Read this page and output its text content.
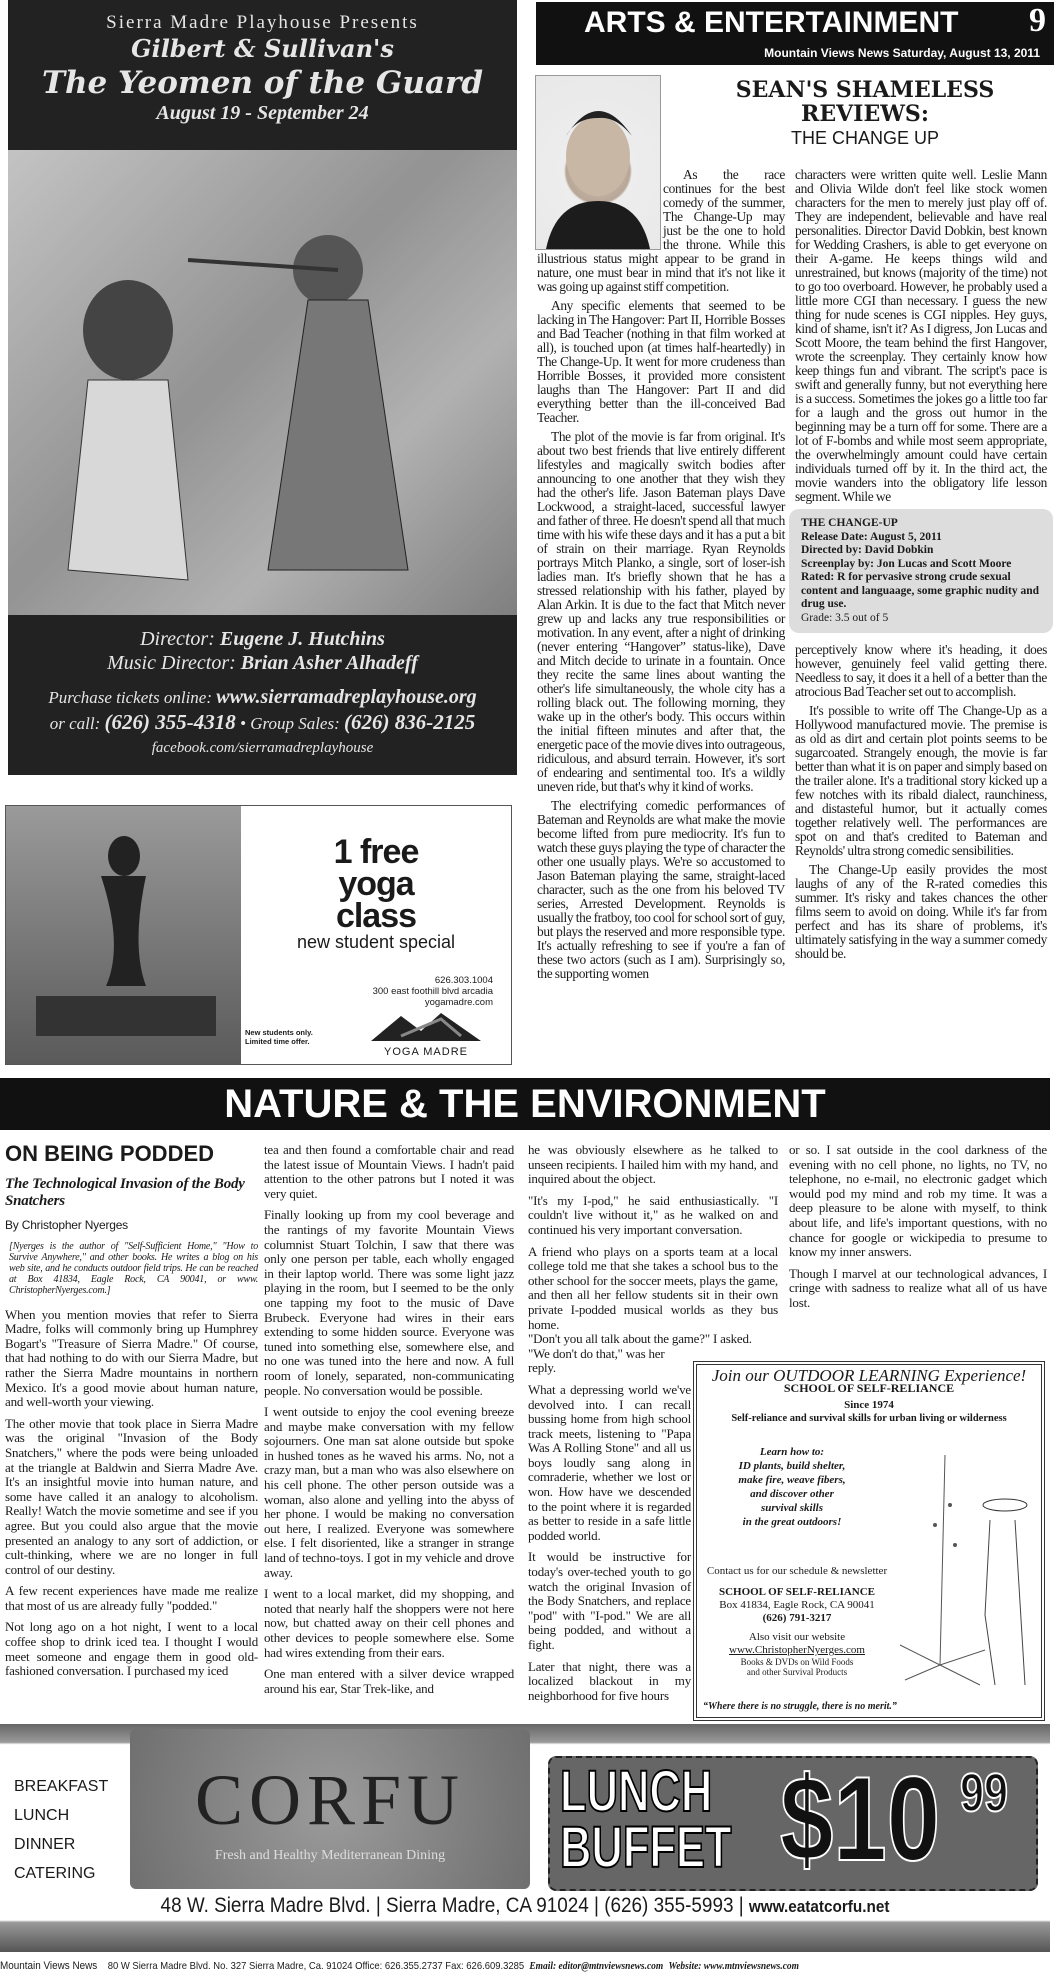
Sierra Madre Playhouse Presents
Gilbert & Sullivan's
The Yeomen of the Guard
August 19 - September 24
Director: Eugene J. Hutchins
Music Director: Brian Asher Alhadeff
Purchase tickets online: www.sierramadreplayhouse.org
or call: (626) 355-4318 • Group Sales: (626) 836-2125
facebook.com/sierramadreplayhouse
1 free
yoga
class
new student special
626.303.1004
300 east foothill blvd arcadia
yogamadre.com
New students only.
Limited time offer.
YOGA MADRE
ARTS & ENTERTAINMENT 9
Mountain Views News Saturday, August 13, 2011
SEAN'S SHAMELESS REVIEWS:
THE CHANGE UP

As the race continues for the best comedy of the summer, The Change-Up may just be the one to hold the throne. While this illustrious status might appear to be grand in nature, one must bear in mind that it's not like it was going up against stiff competition.

Any specific elements that seemed to be lacking in The Hangover: Part II, Horrible Bosses and Bad Teacher (nothing in that film worked at all), is touched upon (at times half-heartedly) in The Change-Up. It went for more crudeness than Horrible Bosses, it provided more consistent laughs than The Hangover: Part II and did everything better than the ill-conceived Bad Teacher.

The plot of the movie is far from original. It's about two best friends that live entirely different lifestyles and magically switch bodies after announcing to one another that they wish they had the other's life. Jason Bateman plays Dave Lockwood, a straight-laced, successful lawyer and father of three. He doesn't spend all that much time with his wife these days and it has a put a bit of strain on their marriage. Ryan Reynolds portrays Mitch Planko, a single, sort of loser-ish ladies man. It's briefly shown that he has a stressed relationship with his father, played by Alan Arkin. It is due to the fact that Mitch never grew up and lacks any true responsibilities or motivation. In any event, after a night of drinking (never entering “Hangover” status-like), Dave and Mitch decide to urinate in a fountain. Once they recite the same lines about wanting the other's life simultaneously, the whole city has a rolling black out. The following morning, they wake up in the other's body. This occurs within the initial fifteen minutes and after that, the energetic pace of the movie dives into outrageous, ridiculous, and absurd terrain. However, it's sort of endearing and sentimental too. It's a wildly uneven ride, but that's why it kind of works.

The electrifying comedic performances of Bateman and Reynolds are what make the movie become lifted from pure mediocrity. It's fun to watch these guys playing the type of character the other one usually plays. We're so accustomed to Jason Bateman playing the same, straight-laced character, such as the one from his beloved TV series, Arrested Development. Reynolds is usually the fratboy, too cool for school sort of guy, but plays the reserved and more responsible type. It's actually refreshing to see if you're a fan of these two actors (such as I am). Surprisingly so, the supporting women

characters were written quite well. Leslie Mann and Olivia Wilde don't feel like stock women characters for the men to merely just play off of. They are independent, believable and have real personalities. Director David Dobkin, best known for Wedding Crashers, is able to get everyone on their A-game. He keeps things wild and unrestrained, but knows (majority of the time) not to go too overboard. However, he probably used a little more CGI than necessary. I guess the new thing for nude scenes is CGI nipples. Hey guys, kind of shame, isn't it? As I digress, Jon Lucas and Scott Moore, the team behind the first Hangover, wrote the screenplay. They certainly know how keep things fun and vibrant. The script's pace is swift and generally funny, but not everything here is a success. Sometimes the jokes go a little too far for a laugh and the gross out humor in the beginning may be a turn off for some. There are a lot of F-bombs and while most seem appropriate, the overwhelmingly amount could have certain individuals turned off by it. In the third act, the movie wanders into the obligatory life lesson segment. While we

THE CHANGE-UP
Release Date: August 5, 2011
Directed by: David Dobkin
Screenplay by: Jon Lucas and Scott Moore
Rated: R for pervasive strong crude sexual content and languaage, some graphic nudity and drug use.
Grade: 3.5 out of 5

perceptively know where it's heading, it does however, genuinely feel valid getting there. Needless to say, it does it a hell of a better than the atrocious Bad Teacher set out to accomplish.

It's possible to write off The Change-Up as a Hollywood manufactured movie. The premise is as old as dirt and certain plot points seems to be sugarcoated. Strangely enough, the movie is far better than what it is on paper and simply based on the trailer alone. It's a traditional story kicked up a few notches with its ribald dialect, raunchiness, and distasteful humor, but it actually comes together relatively well. The performances are spot on and that's credited to Bateman and Reynolds' ultra strong comedic sensibilities.

The Change-Up easily provides the most laughs of any of the R-rated comedies this summer. It's risky and takes chances the other films seem to avoid on doing. While it's far from perfect and has its share of problems, it's ultimately satisfying in the way a summer comedy should be.

NATURE & THE ENVIRONMENT
ON BEING PODDED
The Technological Invasion of the Body Snatchers
By Christopher Nyerges
[Nyerges is the author of "Self-Sufficient Home," "How to Survive Anywhere," and other books. He writes a blog on his web site, and he conducts outdoor field trips. He can be reached at Box 41834, Eagle Rock, CA 90041, or www. ChristopherNyerges.com.]

When you mention movies that refer to Sierra Madre, folks will commonly bring up Humphrey Bogart's "Treasure of Sierra Madre." Of course, that had nothing to do with our Sierra Madre, but rather the Sierra Madre mountains in northern Mexico. It's a good movie about human nature, and well-worth your viewing.

The other movie that took place in Sierra Madre was the original "Invasion of the Body Snatchers," where the pods were being unloaded at the triangle at Baldwin and Sierra Madre Ave. It's an insightful movie into human nature, and some have called it an analogy to alcoholism. Really! Watch the movie sometime and see if you agree. But you could also argue that the movie presented an analogy to any sort of addiction, or cult-thinking, where we are no longer in full control of our destiny.

A few recent experiences have made me realize that most of us are already fully "podded."

Not long ago on a hot night, I went to a local coffee shop to drink iced tea. I thought I would meet someone and engage them in good old-fashioned conversation. I purchased my iced

tea and then found a comfortable chair and read the latest issue of Mountain Views. I hadn't paid attention to the other patrons but I noted it was very quiet.

Finally looking up from my cool beverage and the rantings of my favorite Mountain Views columnist Stuart Tolchin, I saw that there was only one person per table, each wholly engaged in their laptop world. There was some light jazz playing in the room, but I seemed to be the only one tapping my foot to the music of Dave Brubeck. Everyone had wires in their ears extending to some hidden source. Everyone was tuned into something else, somewhere else, and no one was tuned into the here and now. A full room of lonely, separated, non-communicating people. No conversation would be possible.

I went outside to enjoy the cool evening breeze and maybe make conversation with my fellow sojourners. One man sat alone outside but spoke in hushed tones as he waved his arms. No, not a crazy man, but a man who was also elsewhere on his cell phone. The other person outside was a woman, also alone and yelling into the abyss of her phone. I would be making no conversation out here, I realized. Everyone was somewhere else. I felt disoriented, like a stranger in strange land of techno-toys. I got in my vehicle and drove away.

I went to a local market, did my shopping, and noted that nearly half the shoppers were not here now, but chatted away on their cell phones and other devices to people somewhere else. Some had wires extending from their ears.

One man entered with a silver device wrapped around his ear, Star Trek-like, and

he was obviously elsewhere as he talked to unseen recipients. I hailed him with my hand, and inquired about the object.

"It's my I-pod," he said enthusiastically. "I couldn't live without it," as he walked on and continued his very important conversation.

A friend who plays on a sports team at a local college told me that she takes a school bus to the other school for the soccer meets, plays the game, and then all her fellow students sit in their own private I-podded musical worlds as they bus home.

"Don't you all talk about the game?" I asked.

"We don't do that," was her

reply.

What a depressing world we've devolved into. I can recall bussing home from high school track meets, listening to "Papa Was A Rolling Stone" and all us boys loudly sang along in comraderie, whether we lost or won. How have we descended to the point where it is regarded as better to reside in a safe little podded world.

It would be instructive for today's over-teched youth to go watch the original Invasion of the Body Snatchers, and replace "pod" with "I-pod." We are all being podded, and without a fight.

Later that night, there was a localized blackout in my neighborhood for five hours

Join our OUTDOOR LEARNING Experience!
SCHOOL OF SELF-RELIANCE
Since 1974
Self-reliance and survival skills for urban living or wilderness
Learn how to:
ID plants, build shelter,
make fire, weave fibers,
and discover other
survival skills
in the great outdoors!
Contact us for our schedule & newsletter
SCHOOL OF SELF-RELIANCE
Box 41834, Eagle Rock, CA 90041
(626) 791-3217
Also visit our website
www.ChristopherNyerges.com
Books & DVDs on Wild Foods
and other Survival Products
“Where there is no struggle, there is no merit.”

or so. I sat outside in the cool darkness of the evening with no cell phone, no lights, no TV, no telephone, no e-mail, no electronic gadget which would pod my mind and rob my time. It was a deep pleasure to be alone with myself, to think about life, and life's important questions, with no chance for google or wickipedia to presume to know my inner answers.

Though I marvel at our technological advances, I cringe with sadness to realize what all of us have lost.

BREAKFAST
LUNCH
DINNER
CATERING
CORFU
Fresh and Healthy Mediterranean Dining
LUNCH
BUFFET $10 99
48 W. Sierra Madre Blvd. | Sierra Madre, CA 91024 | (626) 355-5993 | www.eatatcorfu.net
Mountain Views News 80 W Sierra Madre Blvd. No. 327 Sierra Madre, Ca. 91024 Office: 626.355.2737 Fax: 626.609.3285 Email: editor@mtnviewsnews.com Website: www.mtnviewsnews.com
